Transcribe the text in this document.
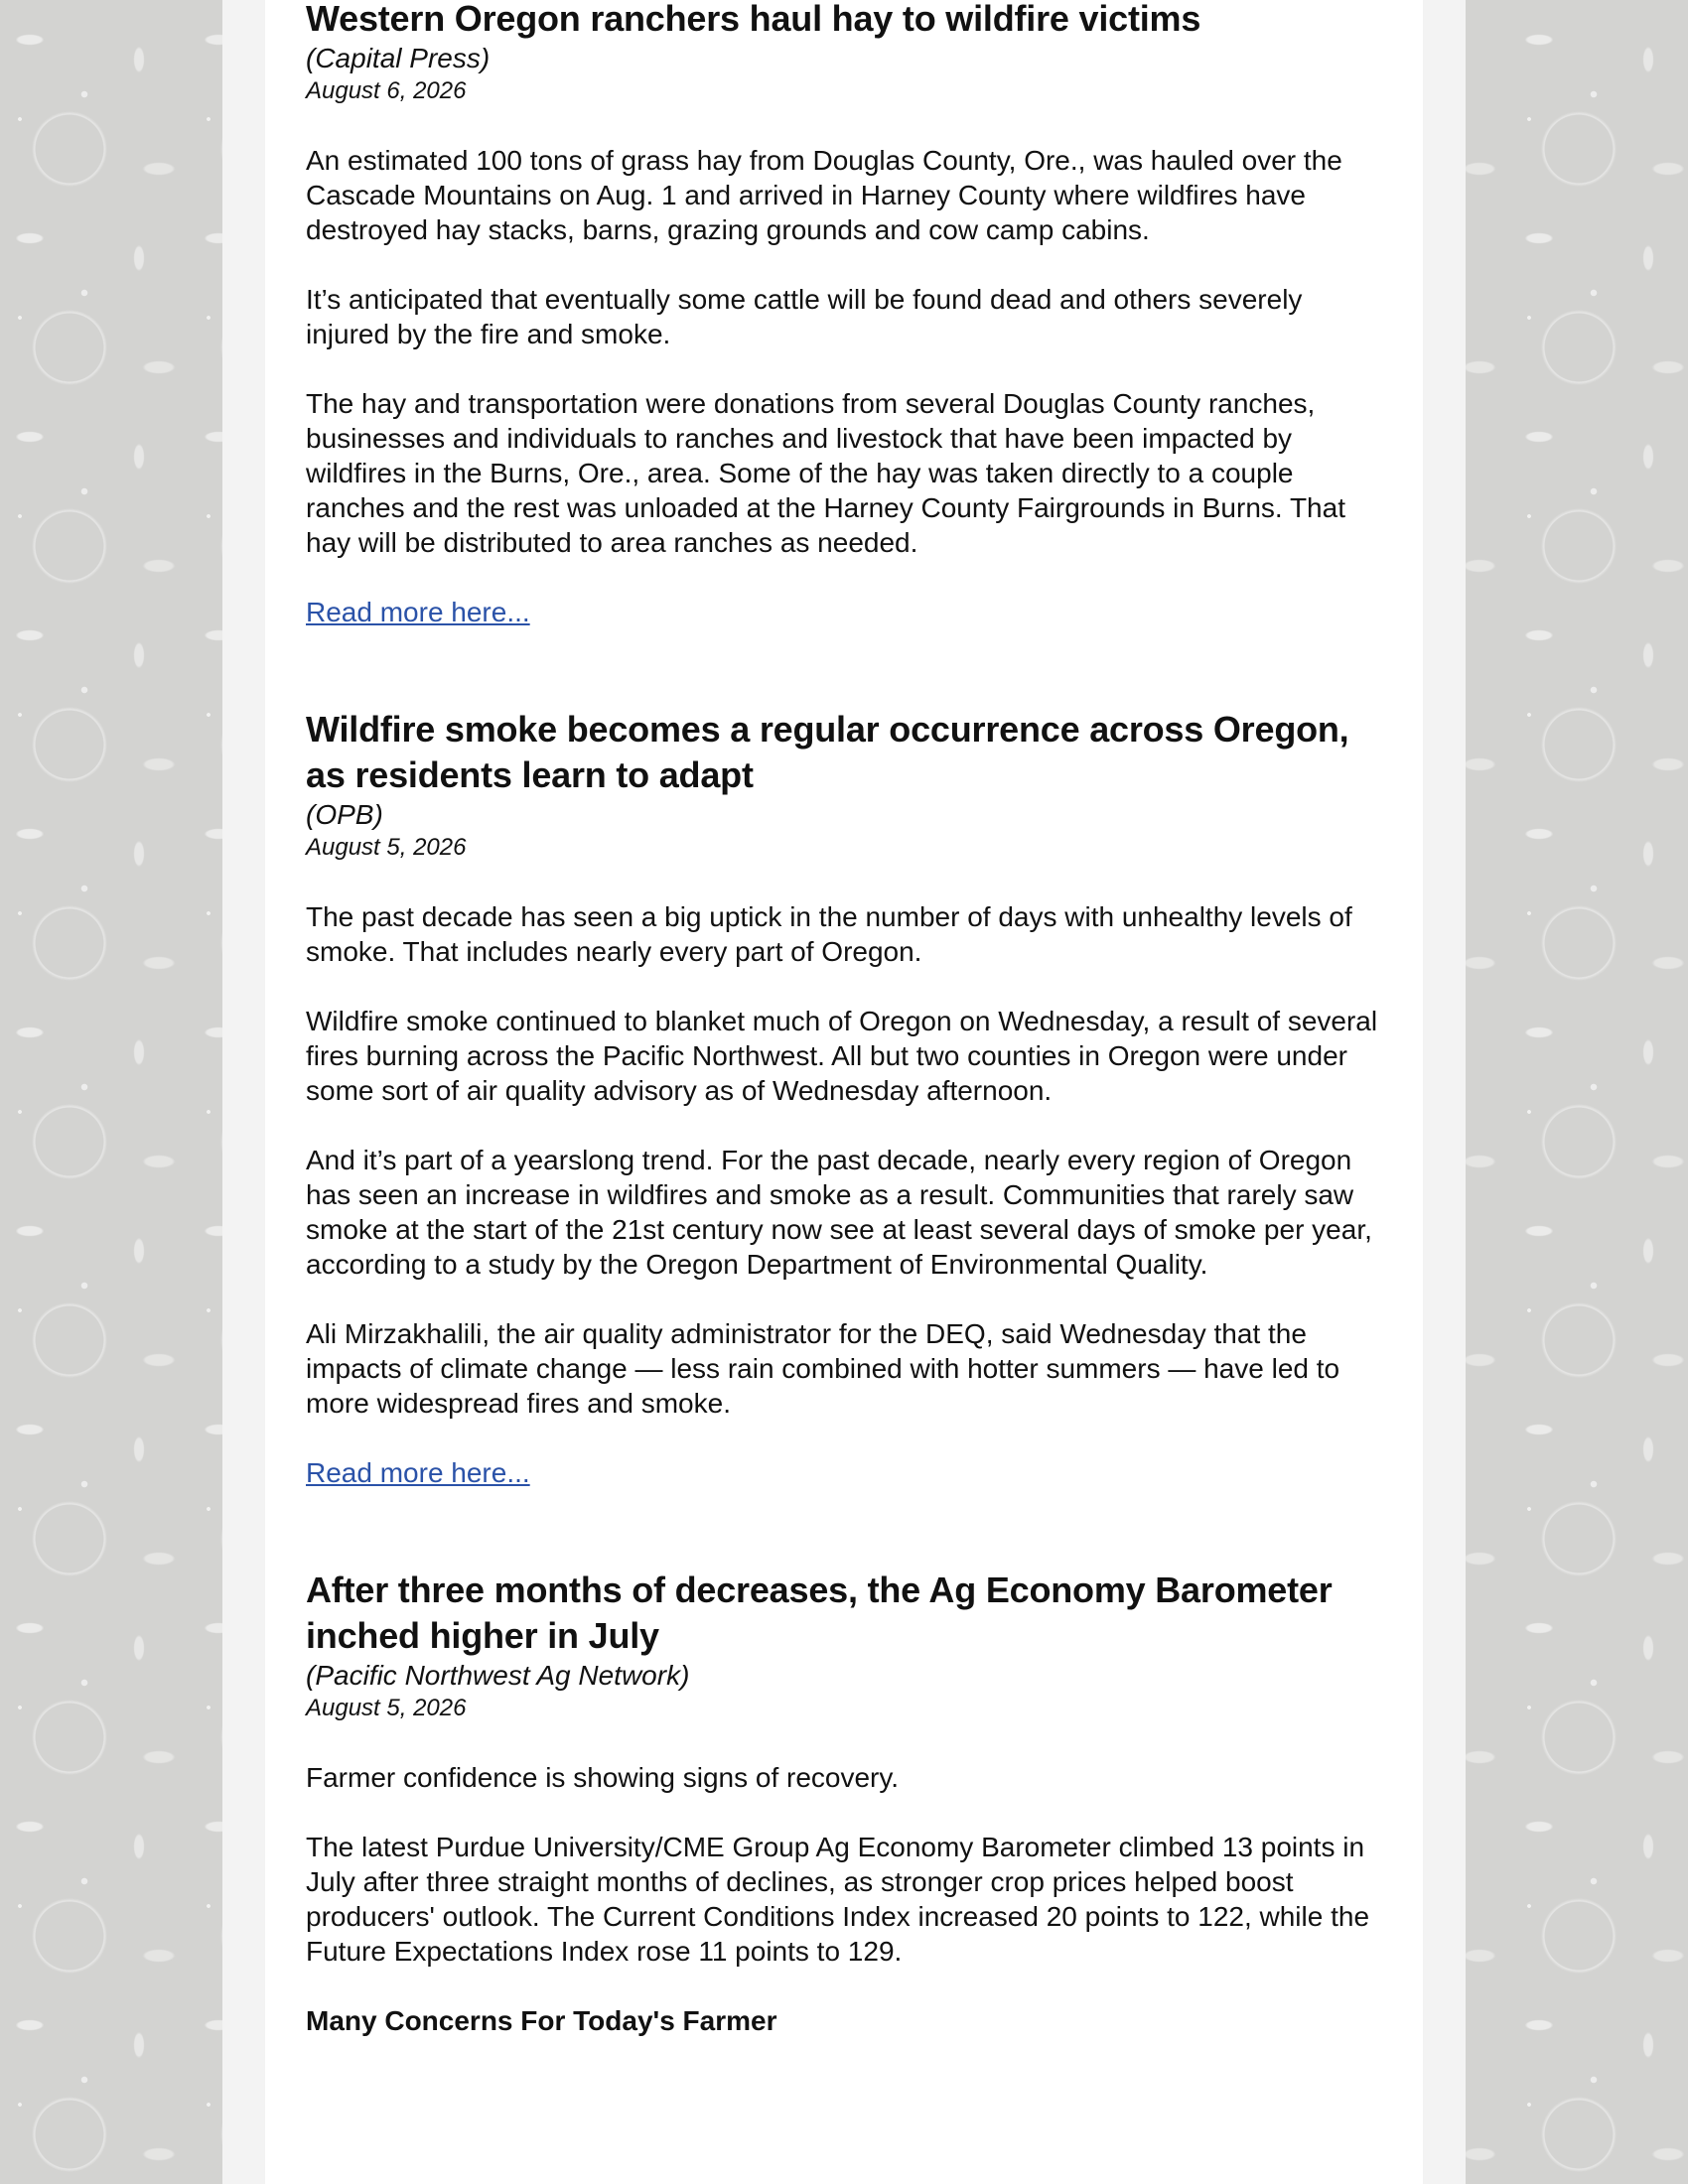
Western Oregon ranchers haul hay to wildfire victims

(Capital Press)

August 6, 2026

An estimated 100 tons of grass hay from Douglas County, Ore., was hauled over the Cascade Mountains on Aug. 1 and arrived in Harney County where wildfires have destroyed hay stacks, barns, grazing grounds and cow camp cabins.

It’s anticipated that eventually some cattle will be found dead and others severely injured by the fire and smoke.

The hay and transportation were donations from several Douglas County ranches, businesses and individuals to ranches and livestock that have been impacted by wildfires in the Burns, Ore., area. Some of the hay was taken directly to a couple ranches and the rest was unloaded at the Harney County Fairgrounds in Burns. That hay will be distributed to area ranches as needed.

Read more here...
Wildfire smoke becomes a regular occurrence across Oregon, as residents learn to adapt

(OPB)

August 5, 2026

The past decade has seen a big uptick in the number of days with unhealthy levels of smoke. That includes nearly every part of Oregon.

Wildfire smoke continued to blanket much of Oregon on Wednesday, a result of several fires burning across the Pacific Northwest. All but two counties in Oregon were under some sort of air quality advisory as of Wednesday afternoon.

And it’s part of a yearslong trend. For the past decade, nearly every region of Oregon has seen an increase in wildfires and smoke as a result. Communities that rarely saw smoke at the start of the 21st century now see at least several days of smoke per year, according to a study by the Oregon Department of Environmental Quality.

Ali Mirzakhalili, the air quality administrator for the DEQ, said Wednesday that the impacts of climate change — less rain combined with hotter summers — have led to more widespread fires and smoke.

Read more here...
After three months of decreases, the Ag Economy Barometer inched higher in July

(Pacific Northwest Ag Network)

August 5, 2026

Farmer confidence is showing signs of recovery.

The latest Purdue University/CME Group Ag Economy Barometer climbed 13 points in July after three straight months of declines, as stronger crop prices helped boost producers' outlook. The Current Conditions Index increased 20 points to 122, while the Future Expectations Index rose 11 points to 129.

Many Concerns For Today's Farmer
